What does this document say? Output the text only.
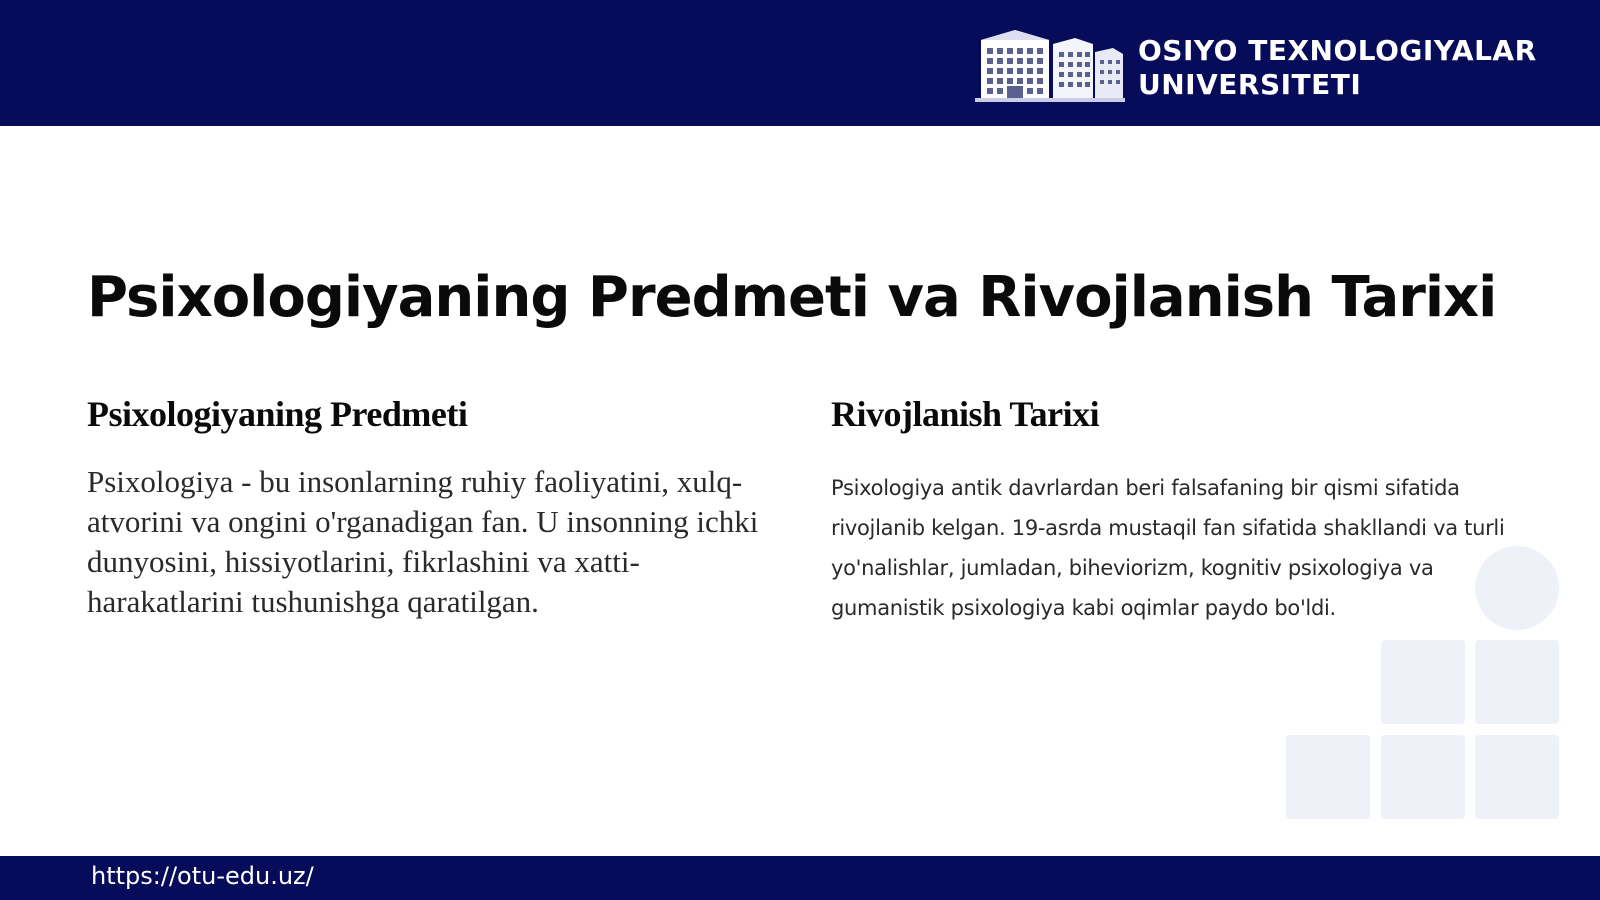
OSIYO TEXNOLOGIYALAR
UNIVERSITETI
Psixologiyaning Predmeti va Rivojlanish Tarixi
Psixologiyaning Predmeti

Psixologiya - bu insonlarning ruhiy faoliyatini, xulq-atvorini va ongini o'rganadigan fan. U insonning ichki dunyosini, hissiyotlarini, fikrlashini va xatti-harakatlarini tushunishga qaratilgan.

Rivojlanish Tarixi

Psixologiya antik davrlardan beri falsafaning bir qismi sifatida rivojlanib kelgan. 19-asrda mustaqil fan sifatida shakllandi va turli yo'nalishlar, jumladan, biheviorizm, kognitiv psixologiya va gumanistik psixologiya kabi oqimlar paydo bo'ldi.

https://otu-edu.uz/
